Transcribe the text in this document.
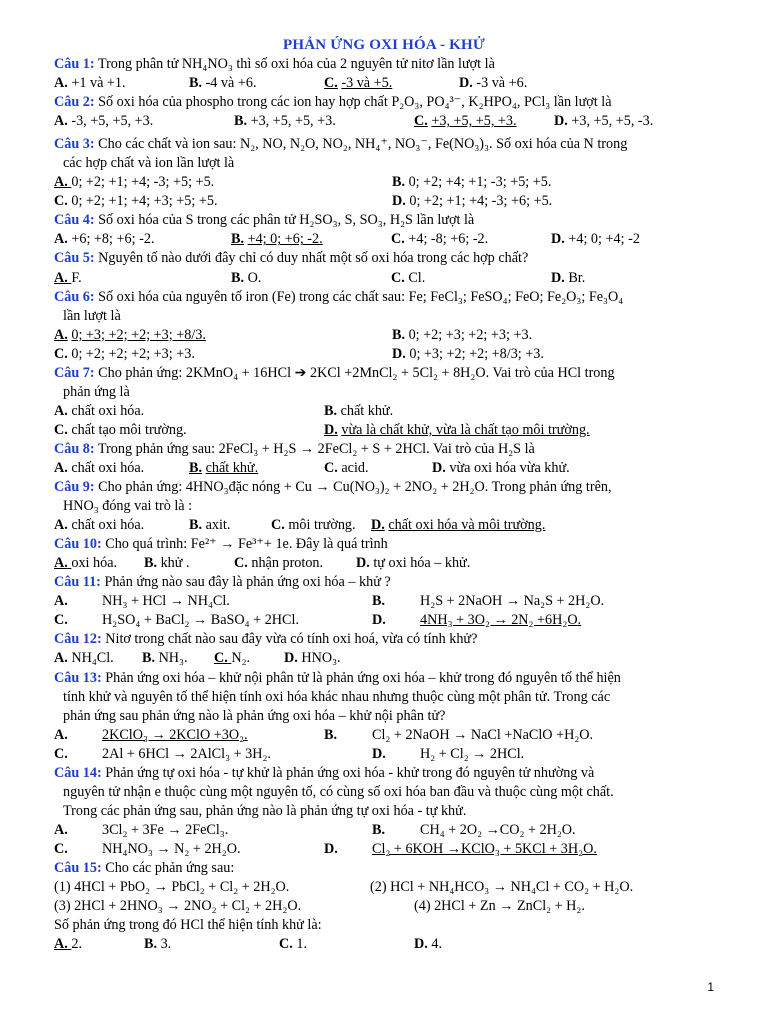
PHẢN ỨNG OXI HÓA - KHỬ

Câu 1: Trong phân tử NH₄NO₃ thì số oxi hóa của 2 nguyên tử nitơ lần lượt là

A. +1 và +1.	B. -4 và +6.	C. -3 và +5.	D. -3 và +6.

Câu 2: Số oxi hóa của phospho trong các ion hay hợp chất P₂O₃, PO₄³⁻, K₂HPO₄, PCl₃ lần lượt là

A. -3, +5, +5, +3.	B. +3, +5, +5, +3.	C. +3, +5, +5, +3.	D. +3, +5, +5, -3.

Câu 3: Cho các chất và ion sau: N₂, NO, N₂O, NO₂, NH₄⁺, NO₃⁻, Fe(NO₃)₃. Số oxi hóa của N trong

các hợp chất và ion lần lượt là

A. 0; +2; +1; +4; -3; +5; +5.	B. 0; +2; +4; +1; -3; +5; +5.
C. 0; +2; +1; +4; +3; +5; +5.	D. 0; +2; +1; +4; -3; +6; +5.

Câu 4: Số oxi hóa của S trong các phân tử H₂SO₃, S, SO₃, H₂S lần lượt là

A. +6; +8; +6; -2.	B. +4; 0; +6; -2.	C. +4; -8; +6; -2.	D. +4; 0; +4; -2

Câu 5: Nguyên tố nào dưới đây chỉ có duy nhất một số oxi hóa trong các hợp chất?

A. F.	B. O.	C. Cl.	D. Br.

Câu 6: Số oxi hóa của nguyên tố iron (Fe) trong các chất sau: Fe; FeCl₃; FeSO₄; FeO; Fe₂O₃; Fe₃O₄

lần lượt là

A. 0; +3; +2; +2; +3; +8/3.	B. 0; +2; +3; +2; +3; +3.
C. 0; +2; +2; +2; +3; +3.	D. 0; +3; +2; +2; +8/3; +3.

Câu 7: Cho phản ứng: 2KMnO₄ + 16HCl ➔ 2KCl +2MnCl₂ + 5Cl₂ + 8H₂O. Vai trò của HCl trong

phản ứng là

A. chất oxi hóa.	B. chất khử.
C. chất tạo môi trường.	D. vừa là chất khử, vừa là chất tạo môi trường.

Câu 8: Trong phản ứng sau: 2FeCl₃ + H₂S → 2FeCl₂ + S + 2HCl. Vai trò của H₂S là

A. chất oxi hóa.	B. chất khử.	C. acid.	D. vừa oxi hóa vừa khử.

Câu 9: Cho phản ứng: 4HNO₃đặc nóng + Cu → Cu(NO₃)₂ + 2NO₂ + 2H₂O. Trong phản ứng trên,

HNO₃ đóng vai trò là :

A. chất oxi hóa.	B. axit.	C. môi trường.	D. chất oxi hóa và môi trường.

Câu 10: Cho quá trình: Fe²⁺ → Fe³⁺+ 1e. Đây là quá trình

A. oxi hóa.	B. khử .	C. nhận proton.	D. tự oxi hóa – khử.

Câu 11: Phản ứng nào sau đây là phản ứng oxi hóa – khử ?

A.	NH₃ + HCl → NH₄Cl.	B.	H₂S + 2NaOH → Na₂S + 2H₂O.
C.	H₂SO₄ + BaCl₂ → BaSO₄ + 2HCl.	D.	4NH₃ + 3O₂ → 2N₂ +6H₂O.

Câu 12: Nitơ trong chất nào sau đây vừa có tính oxi hoá, vừa có tính khử?

A. NH₄Cl.	B. NH₃.	C. N₂.	D. HNO₃.

Câu 13: Phản ứng oxi hóa – khử nội phân tử là phản ứng oxi hóa – khử trong đó nguyên tố thể hiện

tính khử và nguyên tố thể hiện tính oxi hóa khác nhau nhưng thuộc cùng một phân tử. Trong các

phản ứng sau phản ứng nào là phản ứng oxi hóa – khử nội phân tử?

A.	2KClO₃ → 2KClO +3O₂.	B.	Cl₂ + 2NaOH → NaCl +NaClO +H₂O.
C.	2Al + 6HCl → 2AlCl₃ + 3H₂.	D.	H₂ + Cl₂ → 2HCl.

Câu 14: Phản ứng tự oxi hóa - tự khử là phản ứng oxi hóa - khử trong đó nguyên tử nhường và

nguyên tử nhận e thuộc cùng một nguyên tố, có cùng số oxi hóa ban đầu và thuộc cùng một chất.

Trong các phản ứng sau, phản ứng nào là phản ứng tự oxi hóa - tự khử.

A.	3Cl₂ + 3Fe → 2FeCl₃.	B.	CH₄ + 2O₂ →CO₂ + 2H₂O.
C.	NH₄NO₃ → N₂ + 2H₂O.	D.	Cl₂ + 6KOH →KClO₃ + 5KCl + 3H₂O.

Câu 15: Cho các phản ứng sau:

(1) 4HCl + PbO₂ → PbCl₂ + Cl₂ + 2H₂O.	(2) HCl + NH₄HCO₃ → NH₄Cl + CO₂ + H₂O.
(3) 2HCl + 2HNO₃ → 2NO₂ + Cl₂ + 2H₂O.	(4) 2HCl + Zn → ZnCl₂ + H₂.

Số phản ứng trong đó HCl thể hiện tính khử là:

A. 2.	B. 3.	C. 1.	D. 4.
1
